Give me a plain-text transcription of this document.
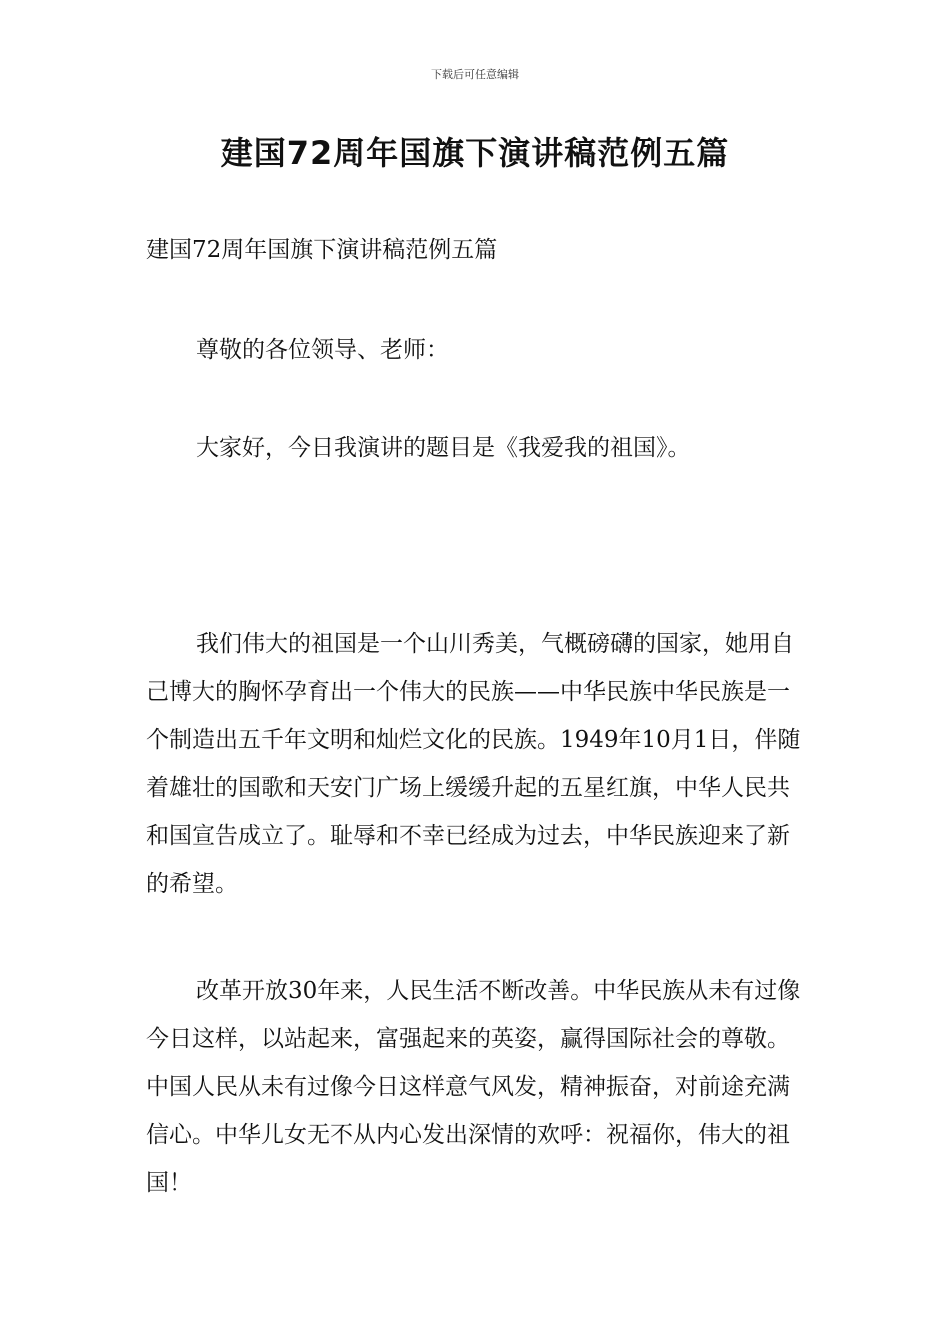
下载后可任意编辑
建国72周年国旗下演讲稿范例五篇

建国72周年国旗下演讲稿范例五篇

尊敬的各位领导、老师：

大家好，今日我演讲的题目是《我爱我的祖国》。

我们伟大的祖国是一个山川秀美，气概磅礴的国家，她用自己博大的胸怀孕育出一个伟大的民族——中华民族中华民族是一个制造出五千年文明和灿烂文化的民族。1949年10月1日，伴随着雄壮的国歌和天安门广场上缓缓升起的五星红旗，中华人民共和国宣告成立了。耻辱和不幸已经成为过去，中华民族迎来了新的希望。

改革开放30年来，人民生活不断改善。中华民族从未有过像今日这样，以站起来，富强起来的英姿，赢得国际社会的尊敬。中国人民从未有过像今日这样意气风发，精神振奋，对前途充满信心。中华儿女无不从内心发出深情的欢呼：祝福你，伟大的祖国！
